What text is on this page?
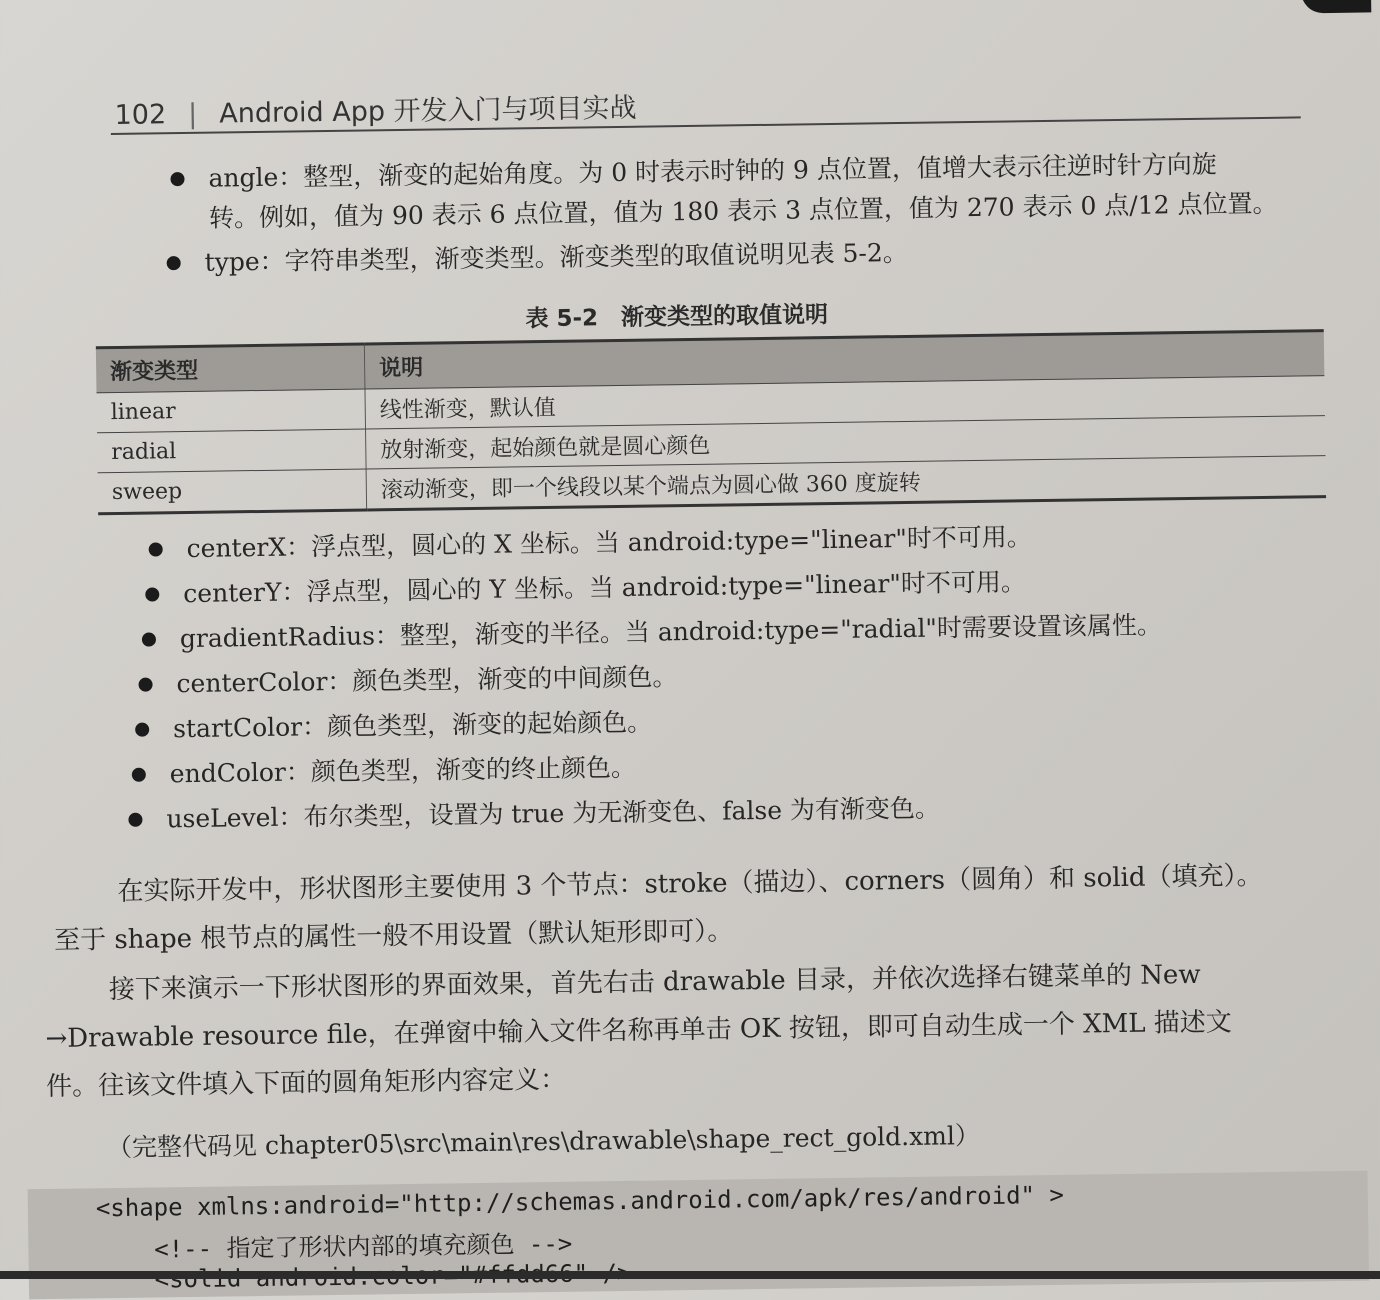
102 | Android App 开发入门与项目实战
angle：整型，渐变的起始角度。为 0 时表示时钟的 9 点位置，值增大表示往逆时针方向旋
转。例如，值为 90 表示 6 点位置，值为 180 表示 3 点位置，值为 270 表示 0 点/12 点位置。
type：字符串类型，渐变类型。渐变类型的取值说明见表 5-2。
表 5-2　渐变类型的取值说明
渐变类型	说明
linear	线性渐变，默认值
radial	放射渐变，起始颜色就是圆心颜色
sweep	滚动渐变，即一个线段以某个端点为圆心做 360 度旋转
centerX：浮点型，圆心的 X 坐标。当 android:type="linear"时不可用。
centerY：浮点型，圆心的 Y 坐标。当 android:type="linear"时不可用。
gradientRadius：整型，渐变的半径。当 android:type="radial"时需要设置该属性。
centerColor：颜色类型，渐变的中间颜色。
startColor：颜色类型，渐变的起始颜色。
endColor：颜色类型，渐变的终止颜色。
useLevel：布尔类型，设置为 true 为无渐变色、false 为有渐变色。
在实际开发中，形状图形主要使用 3 个节点：stroke（描边）、corners（圆角）和 solid（填充）。
至于 shape 根节点的属性一般不用设置（默认矩形即可）。
接下来演示一下形状图形的界面效果，首先右击 drawable 目录，并依次选择右键菜单的 New
→Drawable resource file，在弹窗中输入文件名称再单击 OK 按钮，即可自动生成一个 XML 描述文
件。往该文件填入下面的圆角矩形内容定义：
（完整代码见 chapter05\src\main\res\drawable\shape_rect_gold.xml）
<shape xmlns:android="http://schemas.android.com/apk/res/android" >
<!-- 指定了形状内部的填充颜色 -->
